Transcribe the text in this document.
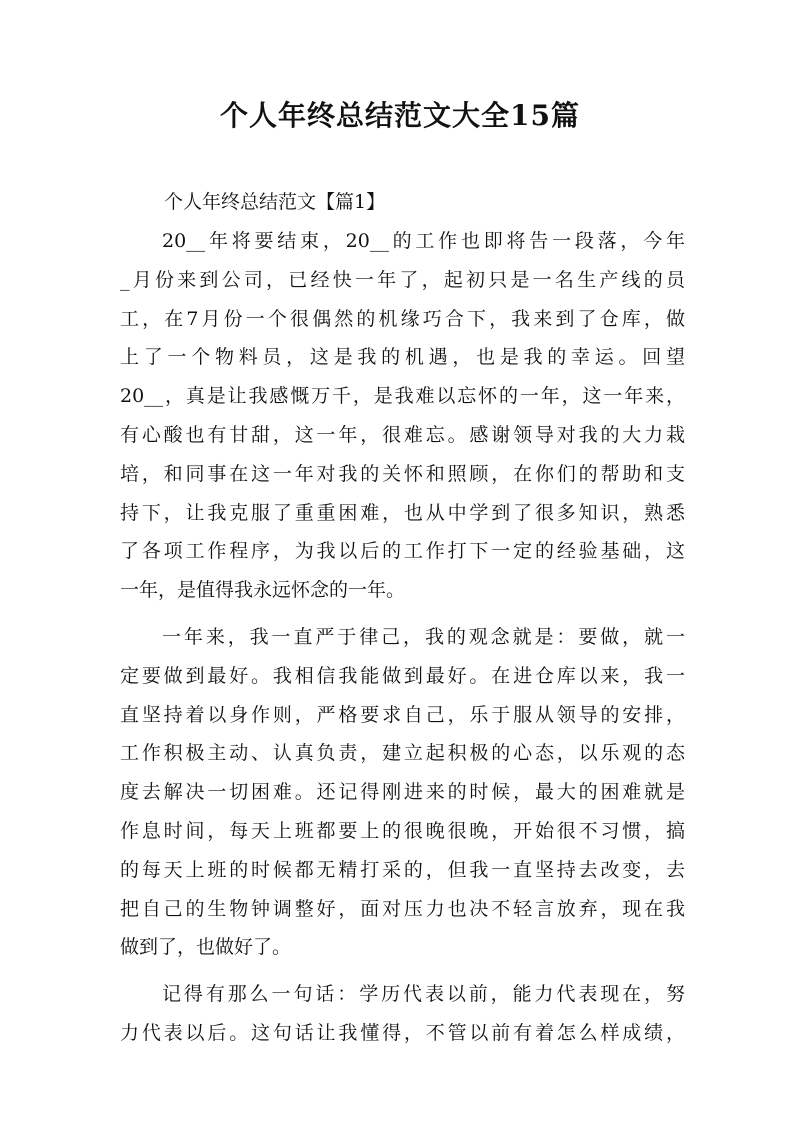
个人年终总结范文大全15篇

个人年终总结范文【篇1】

20__年将要结束，20__的工作也即将告一段落，今年
_月份来到公司，已经快一年了，起初只是一名生产线的员
工，在7月份一个很偶然的机缘巧合下，我来到了仓库，做
上了一个物料员，这是我的机遇，也是我的幸运。回望
20__，真是让我感慨万千，是我难以忘怀的一年，这一年来，
有心酸也有甘甜，这一年，很难忘。感谢领导对我的大力栽
培，和同事在这一年对我的关怀和照顾，在你们的帮助和支
持下，让我克服了重重困难，也从中学到了很多知识，熟悉
了各项工作程序，为我以后的工作打下一定的经验基础，这
一年，是值得我永远怀念的一年。
一年来，我一直严于律己，我的观念就是：要做，就一
定要做到最好。我相信我能做到最好。在进仓库以来，我一
直坚持着以身作则，严格要求自己，乐于服从领导的安排，
工作积极主动、认真负责，建立起积极的心态，以乐观的态
度去解决一切困难。还记得刚进来的时候，最大的困难就是
作息时间，每天上班都要上的很晚很晚，开始很不习惯，搞
的每天上班的时候都无精打采的，但我一直坚持去改变，去
把自己的生物钟调整好，面对压力也决不轻言放弃，现在我
做到了，也做好了。
记得有那么一句话：学历代表以前，能力代表现在，努
力代表以后。这句话让我懂得，不管以前有着怎么样成绩，
